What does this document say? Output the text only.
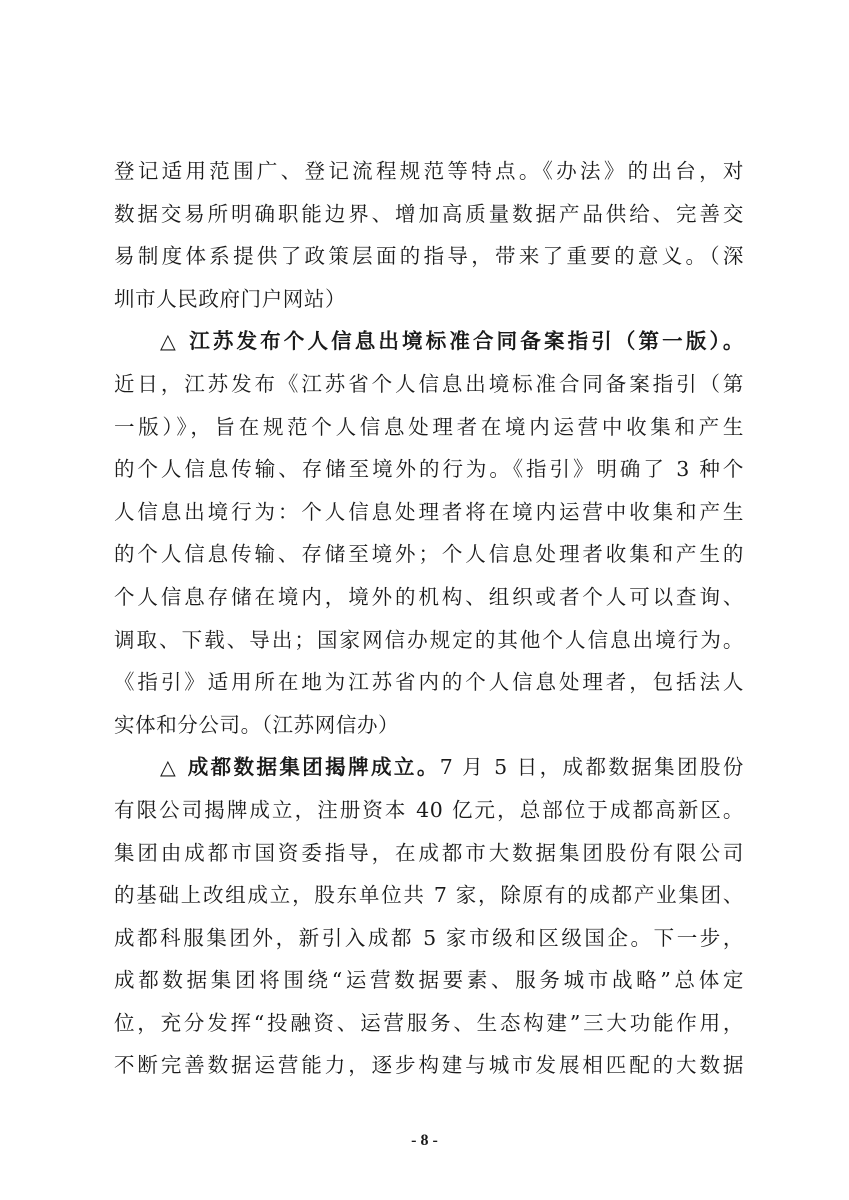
登记适用范围广、登记流程规范等特点。《办法》的出台，对
数据交易所明确职能边界、增加高质量数据产品供给、完善交
易制度体系提供了政策层面的指导，带来了重要的意义。（深
圳市人民政府门户网站）
△ 江苏发布个人信息出境标准合同备案指引（第一版）。
近日，江苏发布《江苏省个人信息出境标准合同备案指引（第
一版）》，旨在规范个人信息处理者在境内运营中收集和产生
的个人信息传输、存储至境外的行为。《指引》明确了 3 种个
人信息出境行为：个人信息处理者将在境内运营中收集和产生
的个人信息传输、存储至境外；个人信息处理者收集和产生的
个人信息存储在境内，境外的机构、组织或者个人可以查询、
调取、下载、导出；国家网信办规定的其他个人信息出境行为。
《指引》适用所在地为江苏省内的个人信息处理者，包括法人
实体和分公司。（江苏网信办）
△ 成都数据集团揭牌成立。7 月 5 日，成都数据集团股份
有限公司揭牌成立，注册资本 40 亿元，总部位于成都高新区。
集团由成都市国资委指导，在成都市大数据集团股份有限公司
的基础上改组成立，股东单位共 7 家，除原有的成都产业集团、
成都科服集团外，新引入成都 5 家市级和区级国企。下一步，
成都数据集团将围绕“运营数据要素、服务城市战略”总体定
位，充分发挥“投融资、运营服务、生态构建”三大功能作用，
不断完善数据运营能力，逐步构建与城市发展相匹配的大数据
- 8 -
